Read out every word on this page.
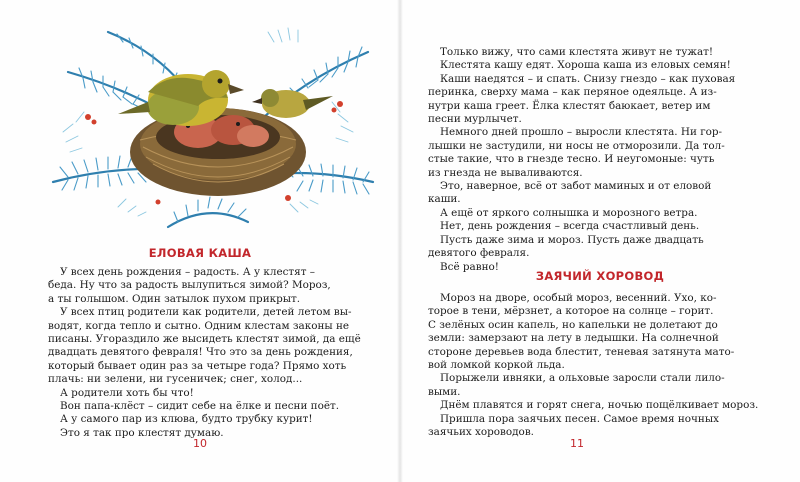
ЕЛОВАЯ КАША
У всех день рождения – радость. А у клестят –
беда. Ну что за радость вылупиться зимой? Мороз,
а ты голышом. Один затылок пухом прикрыт.
У всех птиц родители как родители, детей летом вы-
водят, когда тепло и сытно. Одним клестам законы не
писаны. Угораздило же высидеть клестят зимой, да ещё
двадцать девятого февраля! Что это за день рождения,
который бывает один раз за четыре года? Прямо хоть
плачь: ни зелени, ни гусеничек; снег, холод...
А родители хоть бы что!
Вон папа-клёст – сидит себе на ёлке и песни поёт.
А у самого пар из клюва, будто трубку курит!
Это я так про клестят думаю.
10
Только вижу, что сами клестята живут не тужат!
Клестята кашу едят. Хороша каша из еловых семян!
Каши наедятся – и спать. Снизу гнездо – как пуховая
перинка, сверху мама – как перяное одеяльце. А из-
нутри каша греет. Ёлка клестят баюкает, ветер им
песни мурлычет.
Немного дней прошло – выросли клестята. Ни гор-
лышки не застудили, ни носы не отморозили. Да тол-
стые такие, что в гнезде тесно. И неугомоные: чуть
из гнезда не вываливаются.
Это, наверное, всё от забот маминых и от еловой
каши.
А ещё от яркого солнышка и морозного ветра.
Нет, день рождения – всегда счастливый день.
Пусть даже зима и мороз. Пусть даже двадцать
девятого февраля.
Всё равно!
ЗАЯЧИЙ ХОРОВОД
Мороз на дворе, особый мороз, весенний. Ухо, ко-
торое в тени, мёрзнет, а которое на солнце – горит.
С зелёных осин капель, но капельки не долетают до
земли: замерзают на лету в ледышки. На солнечной
стороне деревьев вода блестит, теневая затянута мато-
вой ломкой коркой льда.
Порыжели ивняки, а ольховые заросли стали лило-
выми.
Днём плавятся и горят снега, ночью пощёлкивает мороз.
Пришла пора заячьих песен. Самое время ночных
заячьих хороводов.
11
